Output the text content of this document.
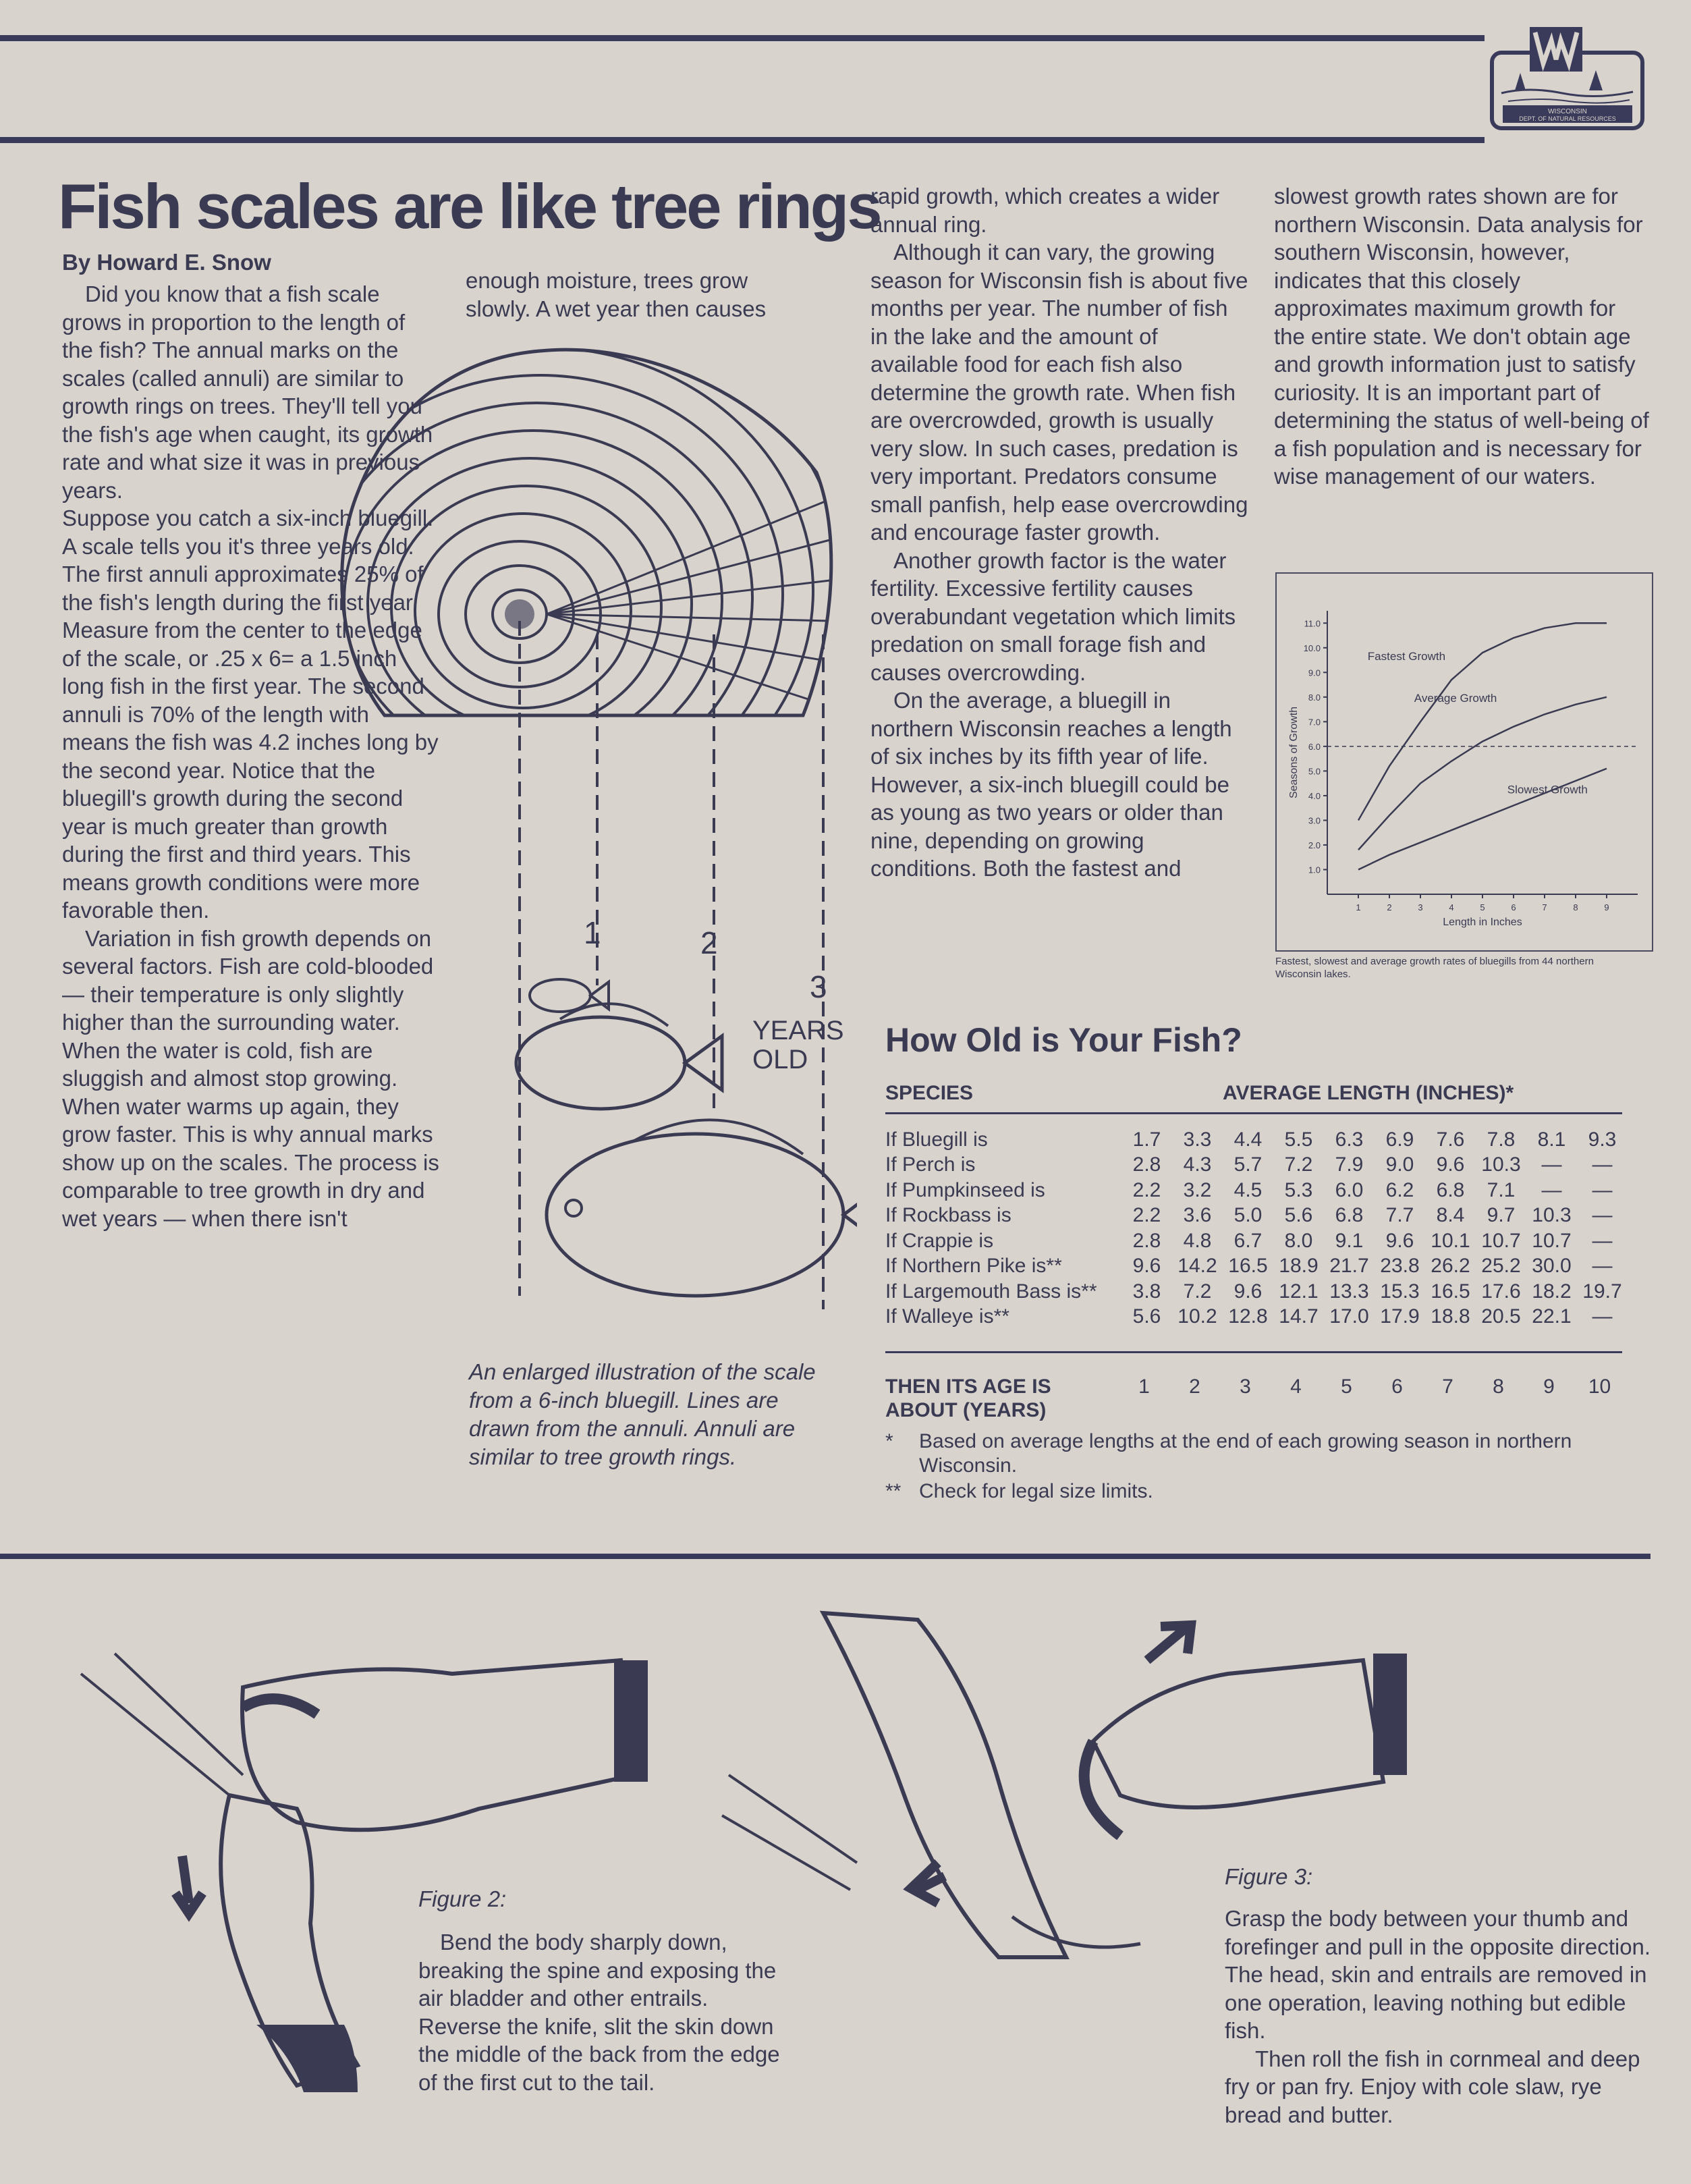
WISCONSIN
DEPT. OF NATURAL RESOURCES
Fish scales are like tree rings
By Howard E. Snow

Did you know that a fish scale grows in proportion to the length of the fish? The annual marks on the scales (called annuli) are similar to growth rings on trees. They'll tell you the fish's age when caught, its growth rate and what size it was in previous years.

Suppose you catch a six-inch bluegill. A scale tells you it's three years old. The first annuli approximates 25% of the fish's length during the first year. Measure from the center to the edge of the scale, or .25 x 6= a 1.5 inch long fish in the first year. The second annuli is 70% of the length with means the fish was 4.2 inches long by the second year. Notice that the bluegill's growth during the second year is much greater than growth during the first and third years. This means growth conditions were more favorable then.

Variation in fish growth depends on several factors. Fish are cold-blooded — their temperature is only slightly higher than the surrounding water. When the water is cold, fish are sluggish and almost stop growing. When water warms up again, they grow faster. This is why annual marks show up on the scales. The process is comparable to tree growth in dry and wet years — when there isn't

enough moisture, trees grow slowly. A wet year then causes
1	2
3
YEARS
OLD
An enlarged illustration of the scale from a 6-inch bluegill. Lines are drawn from the annuli. Annuli are similar to tree growth rings.

rapid growth, which creates a wider annual ring.

Although it can vary, the growing season for Wisconsin fish is about five months per year. The number of fish in the lake and the amount of available food for each fish also determine the growth rate. When fish are overcrowded, growth is usually very slow. In such cases, predation is very important. Predators consume small panfish, help ease overcrowding and encourage faster growth.

Another growth factor is the water fertility. Excessive fertility causes overabundant vegetation which limits predation on small forage fish and causes overcrowding.

On the average, a bluegill in northern Wisconsin reaches a length of six inches by its fifth year of life. However, a six-inch bluegill could be as young as two years or older than nine, depending on growing conditions. Both the fastest and

slowest growth rates shown are for northern Wisconsin. Data analysis for southern Wisconsin, however, indicates that this closely approximates maximum growth for the entire state. We don't obtain age and growth information just to satisfy curiosity. It is an important part of determining the status of well-being of a fish population and is necessary for wise management of our waters.
1.0
2.0
3.0
4.0
5.0
6.0
7.0
8.0
9.0
10.0
11.0
1	2	3	4	5	6	7	8	9
Fastest Growth
Average Growth
Slowest Growth
Length in Inches
Seasons of Growth
Fastest, slowest and average growth rates of bluegills from 44 northern Wisconsin lakes.
How Old is Your Fish?
SPECIES	AVERAGE LENGTH (INCHES)*
If Bluegill is	1.7	3.3	4.4	5.5	6.3	6.9	7.6	7.8	8.1	9.3
If Perch is	2.8	4.3	5.7	7.2	7.9	9.0	9.6	10.3	—	—
If Pumpkinseed is	2.2	3.2	4.5	5.3	6.0	6.2	6.8	7.1	—	—
If Rockbass is	2.2	3.6	5.0	5.6	6.8	7.7	8.4	9.7	10.3	—
If Crappie is	2.8	4.8	6.7	8.0	9.1	9.6	10.1	10.7	10.7	—
If Northern Pike is**	9.6	14.2	16.5	18.9	21.7	23.8	26.2	25.2	30.0	—
If Largemouth Bass is**	3.8	7.2	9.6	12.1	13.3	15.3	16.5	17.6	18.2	19.7
If Walleye is**	5.6	10.2	12.8	14.7	17.0	17.9	18.8	20.5	22.1	—
THEN ITS AGE IS
ABOUT (YEARS)
1	2	3	4	5	6	7	8	9	10
* Based on average lengths at the end of each growing season in northern Wisconsin.
** Check for legal size limits.
Figure 2:
Bend the body sharply down, breaking the spine and exposing the air bladder and other entrails. Reverse the knife, slit the skin down the middle of the back from the edge of the first cut to the tail.
Figure 3:

Grasp the body between your thumb and forefinger and pull in the opposite direction. The head, skin and entrails are removed in one operation, leaving nothing but edible fish.

Then roll the fish in cornmeal and deep fry or pan fry. Enjoy with cole slaw, rye bread and butter.
